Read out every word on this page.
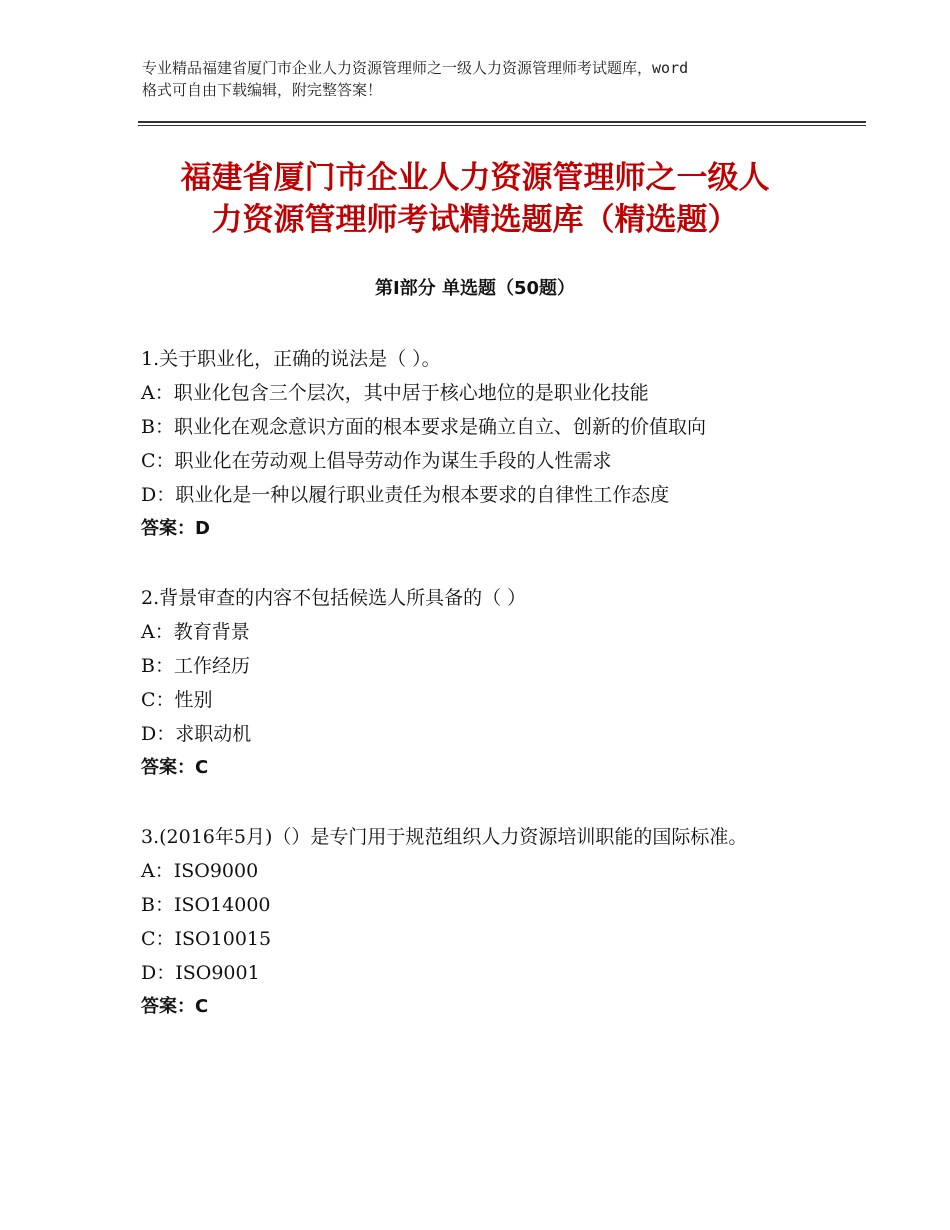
专业精品福建省厦门市企业人力资源管理师之一级人力资源管理师考试题库，word
格式可自由下载编辑，附完整答案！
福建省厦门市企业人力资源管理师之一级人
力资源管理师考试精选题库（精选题）
第Ⅰ部分 单选题（50题）

1.关于职业化，正确的说法是（ ）。

A：职业化包含三个层次，其中居于核心地位的是职业化技能

B：职业化在观念意识方面的根本要求是确立自立、创新的价值取向

C：职业化在劳动观上倡导劳动作为谋生手段的人性需求

D：职业化是一种以履行职业责任为根本要求的自律性工作态度

答案：D

2.背景审查的内容不包括候选人所具备的（ ）

A：教育背景

B：工作经历

C：性别

D：求职动机

答案：C

3.(2016年5月)（）是专门用于规范组织人力资源培训职能的国际标准。

A：ISO9000

B：ISO14000

C：ISO10015

D：ISO9001

答案：C
